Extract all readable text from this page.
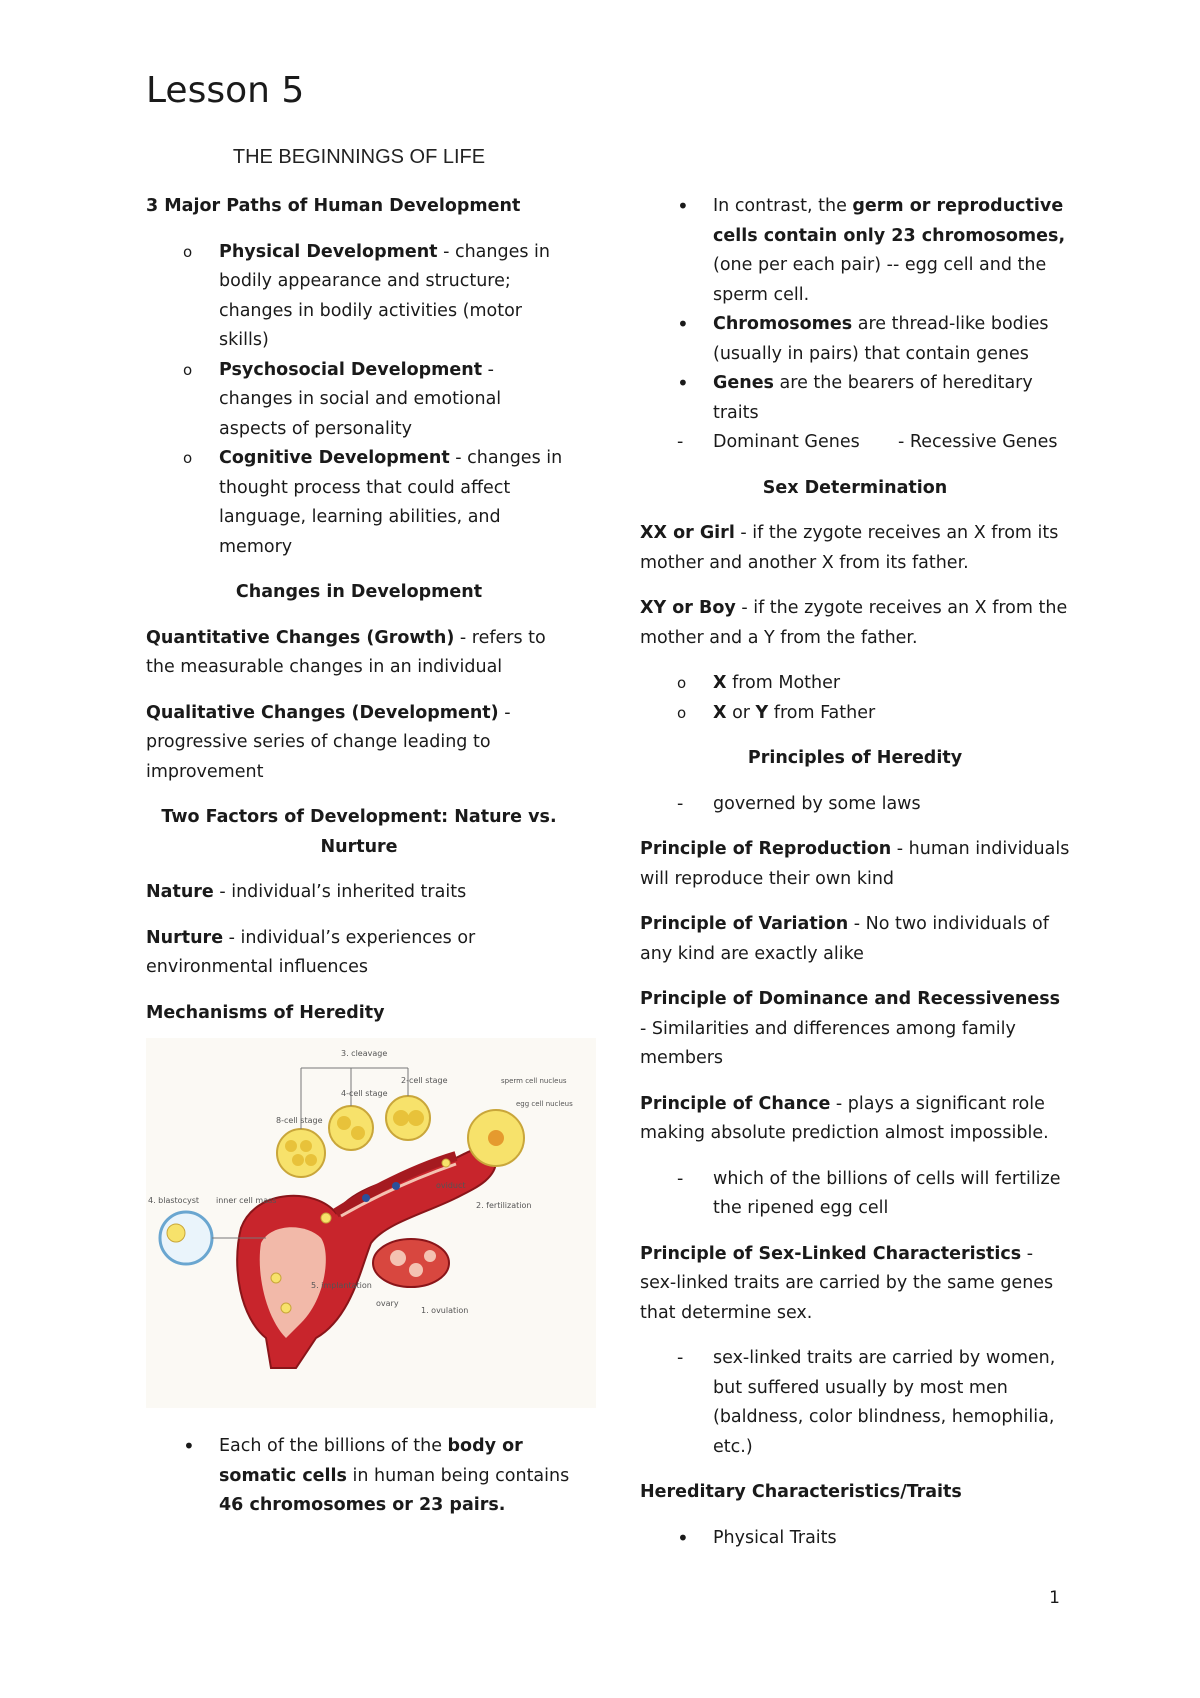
Lesson 5
THE BEGINNINGS OF LIFE

3 Major Paths of Human Development

o	Physical Development - changes in bodily appearance and structure; changes in bodily activities (motor skills)
o	Psychosocial Development - changes in social and emotional aspects of personality
o	Cognitive Development - changes in thought process that could affect language, learning abilities, and memory

Changes in Development

Quantitative Changes (Growth) - refers to the measurable changes in an individual

Qualitative Changes (Development) - progressive series of change leading to improvement

Two Factors of Development: Nature vs. Nurture

Nature - individual’s inherited traits

Nurture - individual’s experiences or environmental influences

Mechanisms of Heredity

3. cleavage
2-cell stage
4-cell stage
8-cell stage
sperm cell nucleus
egg cell nucleus
4. blastocyst inner cell mass
oviduct
2. fertilization
5. implantation
ovary
1. ovulation
•	Each of the billions of the body or somatic cells in human being contains 46 chromosomes or 23 pairs.
•	In contrast, the germ or reproductive cells contain only 23 chromosomes, (one per each pair) -- egg cell and the sperm cell.
•	Chromosomes are thread-like bodies (usually in pairs) that contain genes
•	Genes are the bearers of hereditary traits
-	Dominant Genes - Recessive Genes

Sex Determination

XX or Girl - if the zygote receives an X from its mother and another X from its father.

XY or Boy - if the zygote receives an X from the mother and a Y from the father.

o	X from Mother
o	X or Y from Father

Principles of Heredity

-	governed by some laws

Principle of Reproduction - human individuals will reproduce their own kind

Principle of Variation - No two individuals of any kind are exactly alike

Principle of Dominance and Recessiveness - Similarities and differences among family members

Principle of Chance - plays a significant role making absolute prediction almost impossible.

-	which of the billions of cells will fertilize the ripened egg cell

Principle of Sex-Linked Characteristics - sex-linked traits are carried by the same genes that determine sex.

-	sex-linked traits are carried by women, but suffered usually by most men (baldness, color blindness, hemophilia, etc.)

Hereditary Characteristics/Traits

•	Physical Traits
1
